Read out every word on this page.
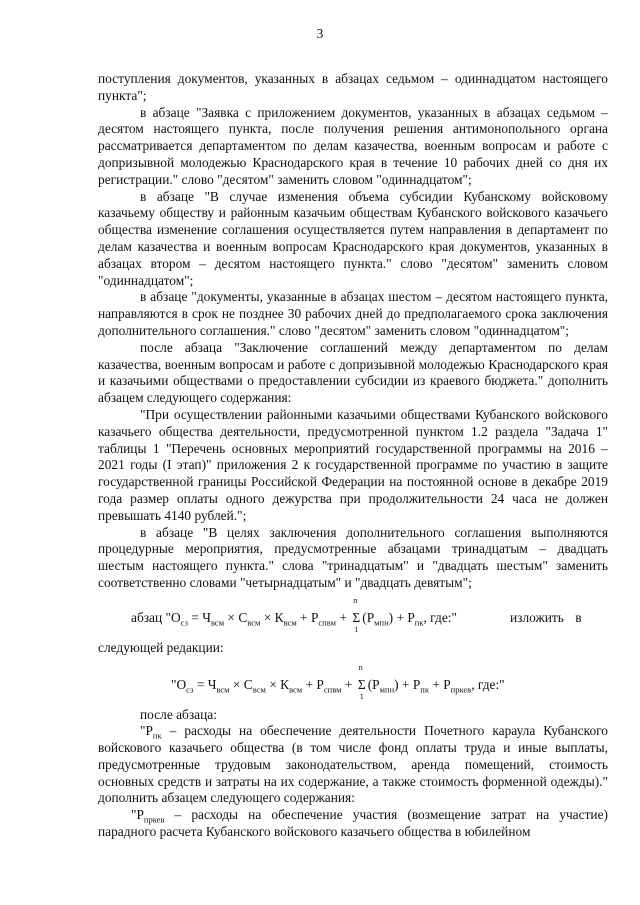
3

поступления документов, указанных в абзацах седьмом – одиннадцатом настоящего пункта";

в абзаце "Заявка с приложением документов, указанных в абзацах седьмом – десятом настоящего пункта, после получения решения антимонопольного органа рассматривается департаментом по делам казачества, военным вопросам и работе с допризывной молодежью Краснодарского края в течение 10 рабочих дней со дня их регистрации." слово "десятом" заменить словом "одиннадцатом";

в абзаце "В случае изменения объема субсидии Кубанскому войсковому казачьему обществу и районным казачьим обществам Кубанского войскового казачьего общества изменение соглашения осуществляется путем направления в департамент по делам казачества и военным вопросам Краснодарского края документов, указанных в абзацах втором – десятом настоящего пункта." слово "десятом" заменить словом "одиннадцатом";

в абзаце "документы, указанные в абзацах шестом – десятом настоящего пункта, направляются в срок не позднее 30 рабочих дней до предполагаемого срока заключения дополнительного соглашения." слово "десятом" заменить словом "одиннадцатом";

после абзаца "Заключение соглашений между департаментом по делам казачества, военным вопросам и работе с допризывной молодежью Краснодарского края и казачьими обществами о предоставлении субсидии из краевого бюджета." дополнить абзацем следующего содержания:

"При осуществлении районными казачьими обществами Кубанского войскового казачьего общества деятельности, предусмотренной пунктом 1.2 раздела "Задача 1" таблицы 1 "Перечень основных мероприятий государственной программы на 2016 – 2021 годы (I этап)" приложения 2 к государственной программе по участию в защите государственной границы Российской Федерации на постоянной основе в декабре 2019 года размер оплаты одного дежурства при продолжительности 24 часа не должен превышать 4140 рублей.";

в абзаце "В целях заключения дополнительного соглашения выполняются процедурные мероприятия, предусмотренные абзацами тринадцатым – двадцать шестым настоящего пункта." слова "тринадцатым" и "двадцать шестым" заменить соответственно словами "четырнадцатым" и "двадцать девятым";

абзац "$О_{сз} = Ч_{всм} \times С_{всм} \times К_{всм} + Р_{спвм}$ +
n
Σ
1
$(Р_{мпн}) + Р_{пк}$, где:"	изложить в

следующей редакции:

"$О_{сз} = Ч_{всм} \times С_{всм} \times К_{всм} + Р_{спвм}$ +
n
Σ
1
$(Р_{мпн}) + Р_{пк} + Р_{пркев}$, где:"

после абзаца:

"$Р_{пк}$ – расходы на обеспечение деятельности Почетного караула Кубанского войскового казачьего общества (в том числе фонд оплаты труда и иные выплаты, предусмотренные трудовым законодательством, аренда помещений, стоимость основных средств и затраты на их содержание, а также стоимость форменной одежды)." дополнить абзацем следующего содержания:

"$Р_{пркев}$ – расходы на обеспечение участия (возмещение затрат на участие) парадного расчета Кубанского войскового казачьего общества в юбилейном
